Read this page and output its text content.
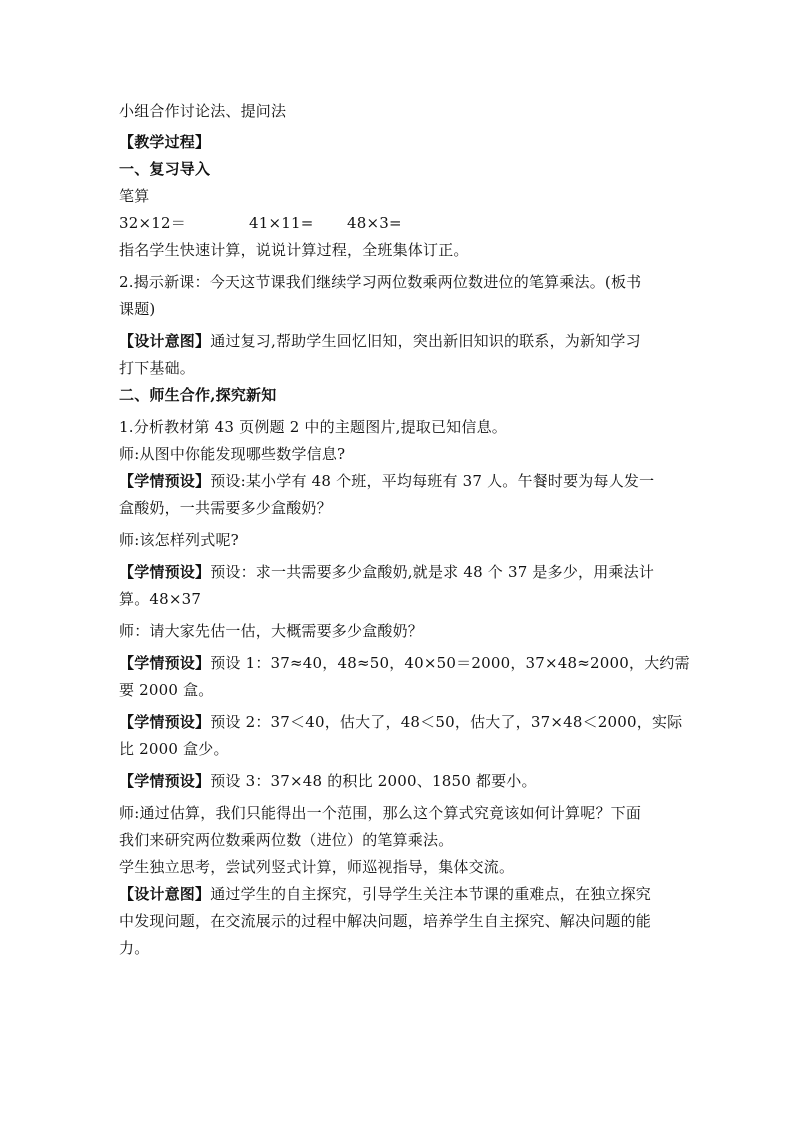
小组合作讨论法、提问法
【教学过程】
一、复习导入
笔算
32×12＝	41×11=	48×3=
指名学生快速计算，说说计算过程，全班集体订正。
2.揭示新课：今天这节课我们继续学习两位数乘两位数进位的笔算乘法。(板书
课题)
【设计意图】通过复习,帮助学生回忆旧知，突出新旧知识的联系，为新知学习
打下基础。
二、师生合作,探究新知
1.分析教材第 43 页例题 2 中的主题图片,提取已知信息。
师:从图中你能发现哪些数学信息?
【学情预设】预设:某小学有 48 个班，平均每班有 37 人。午餐时要为每人发一
盒酸奶，一共需要多少盒酸奶？
师:该怎样列式呢?
【学情预设】预设：求一共需要多少盒酸奶,就是求 48 个 37 是多少，用乘法计
算。48×37
师：请大家先估一估，大概需要多少盒酸奶？
【学情预设】预设 1：37≈40，48≈50，40×50＝2000，37×48≈2000，大约需
要 2000 盒。
【学情预设】预设 2：37＜40，估大了，48＜50，估大了，37×48＜2000，实际
比 2000 盒少。
【学情预设】预设 3：37×48 的积比 2000、1850 都要小。
师:通过估算，我们只能得出一个范围，那么这个算式究竟该如何计算呢？下面
我们来研究两位数乘两位数（进位）的笔算乘法。
学生独立思考，尝试列竖式计算，师巡视指导，集体交流。
【设计意图】通过学生的自主探究，引导学生关注本节课的重难点，在独立探究
中发现问题，在交流展示的过程中解决问题，培养学生自主探究、解决问题的能
力。
